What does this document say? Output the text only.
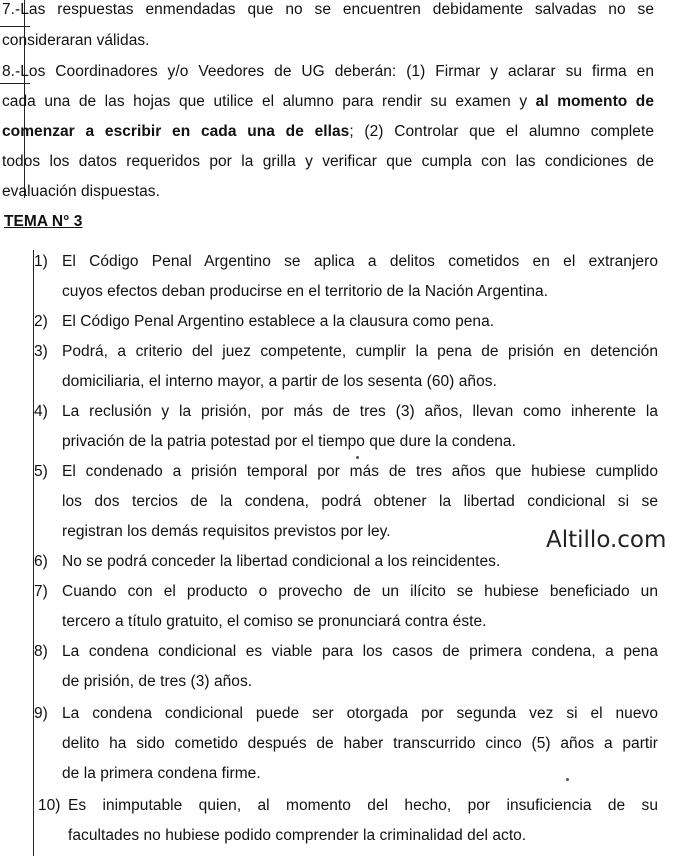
7.-Las respuestas enmendadas que no se encuentren debidamente salvadas no se
consideraran válidas.
8.-Los Coordinadores y/o Veedores de UG deberán: (1) Firmar y aclarar su firma en
cada una de las hojas que utilice el alumno para rendir su examen y al momento de
comenzar a escribir en cada una de ellas; (2) Controlar que el alumno complete
todos los datos requeridos por la grilla y verificar que cumpla con las condiciones de
evaluación dispuestas.
TEMA N° 3
1) El Código Penal Argentino se aplica a delitos cometidos en el extranjero
cuyos efectos deban producirse en el territorio de la Nación Argentina.
2) El Código Penal Argentino establece a la clausura como pena.
3) Podrá, a criterio del juez competente, cumplir la pena de prisión en detención
domiciliaria, el interno mayor, a partir de los sesenta (60) años.
4) La reclusión y la prisión, por más de tres (3) años, llevan como inherente la
privación de la patria potestad por el tiempo que dure la condena.
5) El condenado a prisión temporal por más de tres años que hubiese cumplido
los dos tercios de la condena, podrá obtener la libertad condicional si se
registran los demás requisitos previstos por ley.
6) No se podrá conceder la libertad condicional a los reincidentes.
7) Cuando con el producto o provecho de un ilícito se hubiese beneficiado un
tercero a título gratuito, el comiso se pronunciará contra éste.
8) La condena condicional es viable para los casos de primera condena, a pena
de prisión, de tres (3) años.
9) La condena condicional puede ser otorgada por segunda vez si el nuevo
delito ha sido cometido después de haber transcurrido cinco (5) años a partir
de la primera condena firme.
10) Es inimputable quien, al momento del hecho, por insuficiencia de su
facultades no hubiese podido comprender la criminalidad del acto.
Altillo.com
